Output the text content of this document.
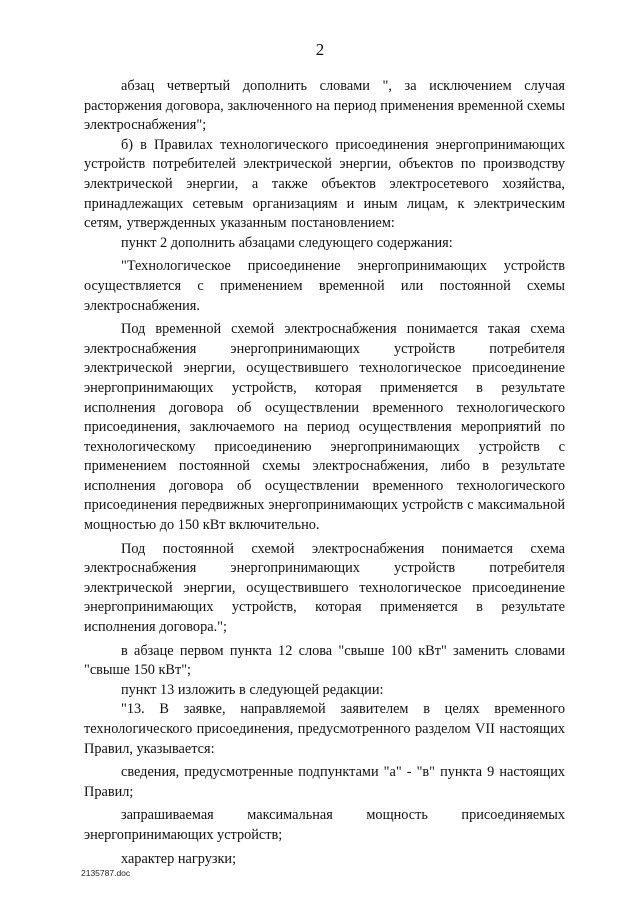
2

абзац четвертый дополнить словами ", за исключением случая расторжения договора, заключенного на период применения временной схемы электроснабжения";

б) в Правилах технологического присоединения энергопринимающих устройств потребителей электрической энергии, объектов по производству электрической энергии, а также объектов электросетевого хозяйства, принадлежащих сетевым организациям и иным лицам, к электрическим сетям, утвержденных указанным постановлением:

пункт 2 дополнить абзацами следующего содержания:

"Технологическое присоединение энергопринимающих устройств осуществляется с применением временной или постоянной схемы электроснабжения.

Под временной схемой электроснабжения понимается такая схема электроснабжения энергопринимающих устройств потребителя электрической энергии, осуществившего технологическое присоединение энергопринимающих устройств, которая применяется в результате исполнения договора об осуществлении временного технологического присоединения, заключаемого на период осуществления мероприятий по технологическому присоединению энергопринимающих устройств с применением постоянной схемы электроснабжения, либо в результате исполнения договора об осуществлении временного технологического присоединения передвижных энергопринимающих устройств с максимальной мощностью до 150 кВт включительно.

Под постоянной схемой электроснабжения понимается схема электроснабжения энергопринимающих устройств потребителя электрической энергии, осуществившего технологическое присоединение энергопринимающих устройств, которая применяется в результате исполнения договора.";

в абзаце первом пункта 12 слова "свыше 100 кВт" заменить словами "свыше 150 кВт";

пункт 13 изложить в следующей редакции:

"13. В заявке, направляемой заявителем в целях временного технологического присоединения, предусмотренного разделом VII настоящих Правил, указывается:

сведения, предусмотренные подпунктами "а" - "в" пункта 9 настоящих Правил;

запрашиваемая максимальная мощность присоединяемых энергопринимающих устройств;

характер нагрузки;

2135787.doc
